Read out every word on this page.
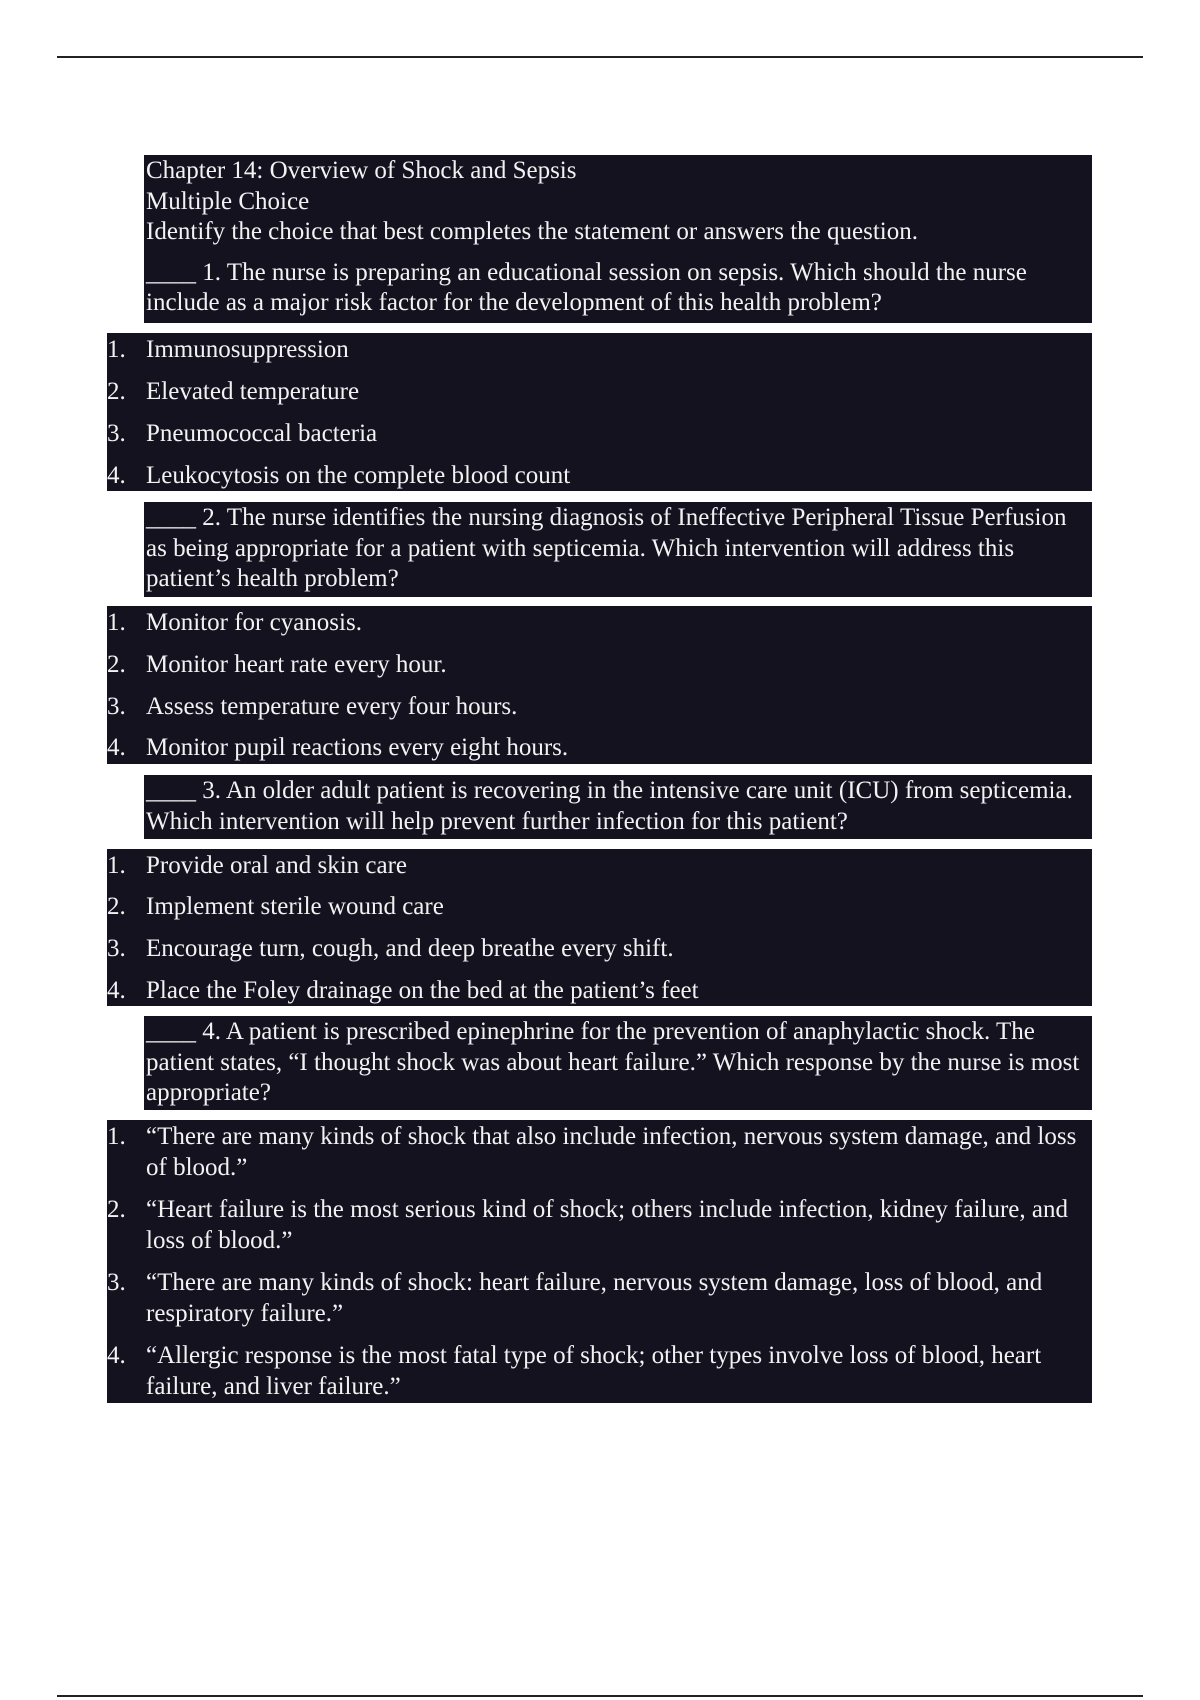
Chapter 14: Overview of Shock and Sepsis
Multiple Choice
Identify the choice that best completes the statement or answers the question.
____ 1. The nurse is preparing an educational session on sepsis. Which should the nurse include as a major risk factor for the development of this health problem?
1. Immunosuppression
2. Elevated temperature
3. Pneumococcal bacteria
4. Leukocytosis on the complete blood count
____ 2. The nurse identifies the nursing diagnosis of Ineffective Peripheral Tissue Perfusion as being appropriate for a patient with septicemia. Which intervention will address this patient’s health problem?
1. Monitor for cyanosis.
2. Monitor heart rate every hour.
3. Assess temperature every four hours.
4. Monitor pupil reactions every eight hours.
____ 3. An older adult patient is recovering in the intensive care unit (ICU) from septicemia. Which intervention will help prevent further infection for this patient?
1. Provide oral and skin care
2. Implement sterile wound care
3. Encourage turn, cough, and deep breathe every shift.
4. Place the Foley drainage on the bed at the patient’s feet
____ 4. A patient is prescribed epinephrine for the prevention of anaphylactic shock. The patient states, “I thought shock was about heart failure.” Which response by the nurse is most appropriate?
1. “There are many kinds of shock that also include infection, nervous system damage, and loss of blood.”
2. “Heart failure is the most serious kind of shock; others include infection, kidney failure, and loss of blood.”
3. “There are many kinds of shock: heart failure, nervous system damage, loss of blood, and respiratory failure.”
4. “Allergic response is the most fatal type of shock; other types involve loss of blood, heart failure, and liver failure.”
